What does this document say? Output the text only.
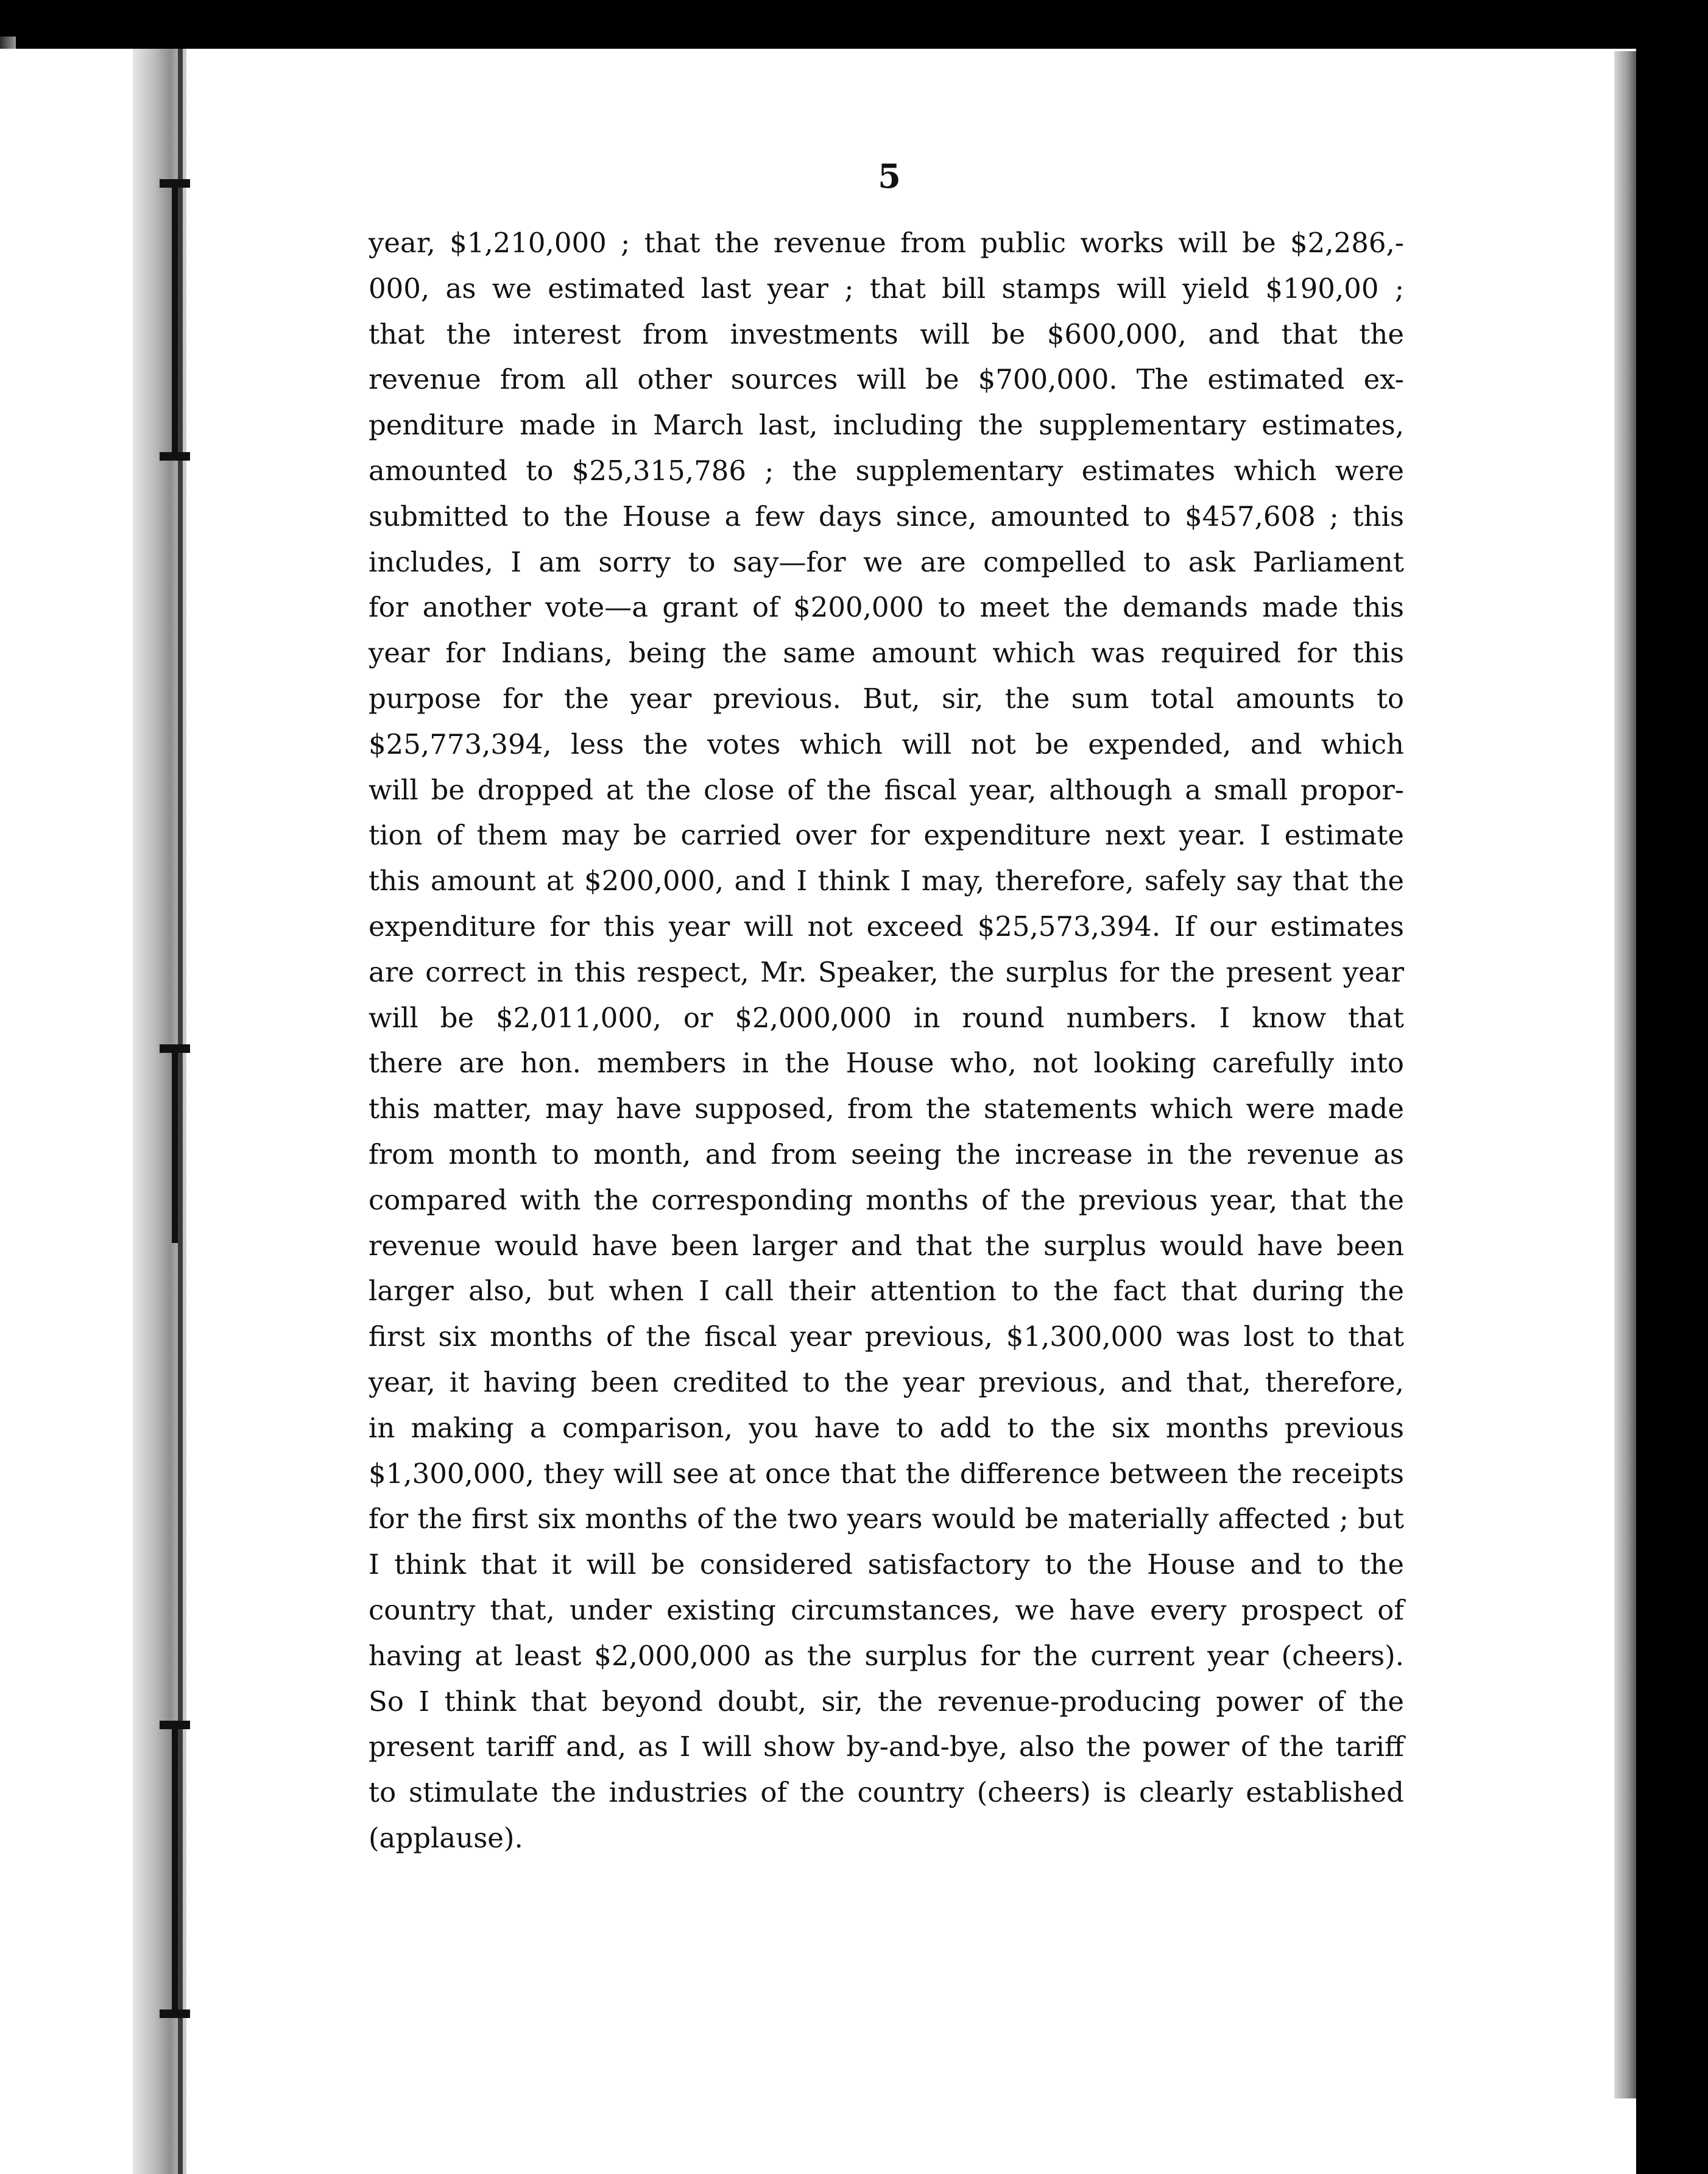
5
year, $1,210,000 ; that the revenue from public works will be $2,286,-
000, as we estimated last year ; that bill stamps will yield $190,00 ;
that the interest from investments will be $600,000, and that the
revenue from all other sources will be $700,000. The estimated ex-
penditure made in March last, including the supplementary estimates,
amounted to $25,315,786 ; the supplementary estimates which were
submitted to the House a few days since, amounted to $457,608 ; this
includes, I am sorry to say—for we are compelled to ask Parliament
for another vote—a grant of $200,000 to meet the demands made this
year for Indians, being the same amount which was required for this
purpose for the year previous. But, sir, the sum total amounts to
$25,773,394, less the votes which will not be expended, and which
will be dropped at the close of the fiscal year, although a small propor-
tion of them may be carried over for expenditure next year. I estimate
this amount at $200,000, and I think I may, therefore, safely say that the
expenditure for this year will not exceed $25,573,394. If our estimates
are correct in this respect, Mr. Speaker, the surplus for the present year
will be $2,011,000, or $2,000,000 in round numbers. I know that
there are hon. members in the House who, not looking carefully into
this matter, may have supposed, from the statements which were made
from month to month, and from seeing the increase in the revenue as
compared with the corresponding months of the previous year, that the
revenue would have been larger and that the surplus would have been
larger also, but when I call their attention to the fact that during the
first six months of the fiscal year previous, $1,300,000 was lost to that
year, it having been credited to the year previous, and that, therefore,
in making a comparison, you have to add to the six months previous
$1,300,000, they will see at once that the difference between the receipts
for the first six months of the two years would be materially affected ; but
I think that it will be considered satisfactory to the House and to the
country that, under existing circumstances, we have every prospect of
having at least $2,000,000 as the surplus for the current year (cheers).
So I think that beyond doubt, sir, the revenue-producing power of the
present tariff and, as I will show by-and-bye, also the power of the tariff
to stimulate the industries of the country (cheers) is clearly established
(applause).
